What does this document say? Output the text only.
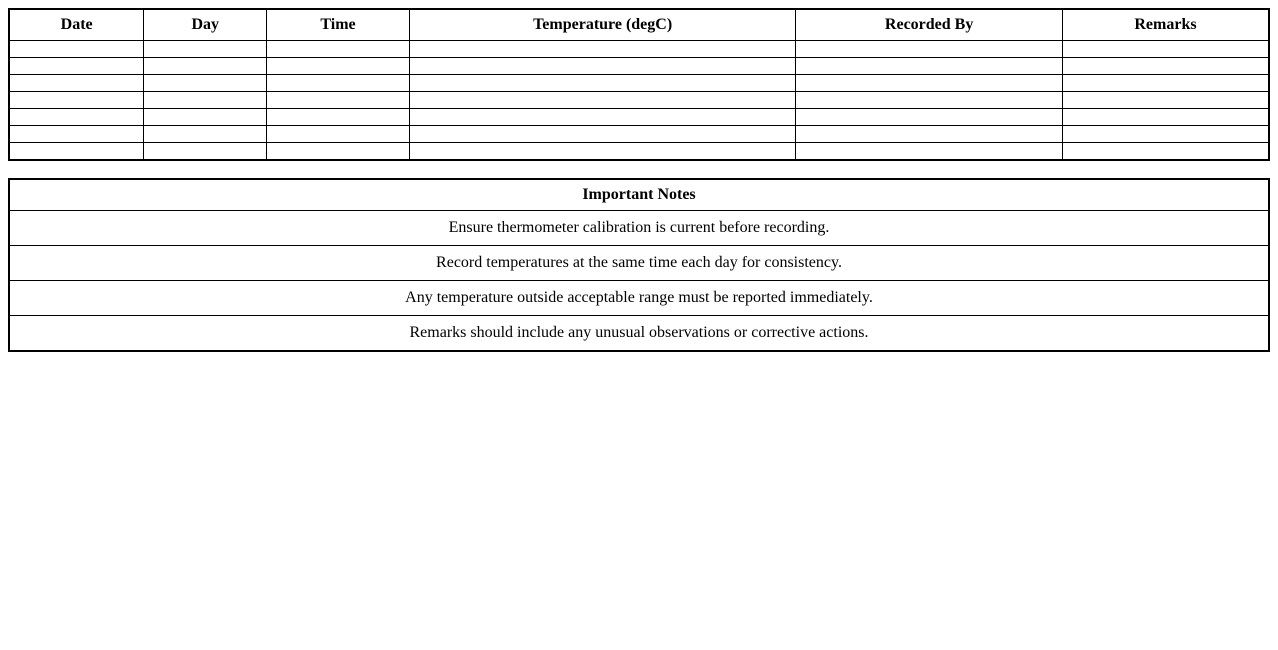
Date	Day	Time	Temperature (degC)	Recorded By	Remarks

Important Notes
Ensure thermometer calibration is current before recording.
Record temperatures at the same time each day for consistency.
Any temperature outside acceptable range must be reported immediately.
Remarks should include any unusual observations or corrective actions.
